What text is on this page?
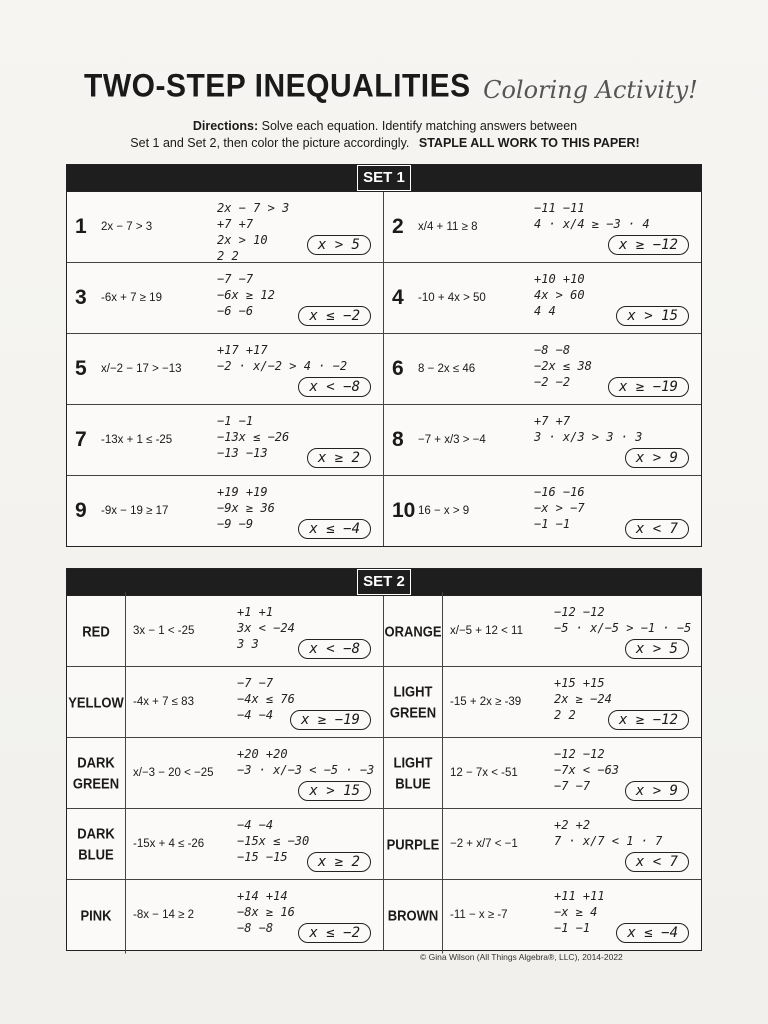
TWO-STEP INEQUALITIES Coloring Activity!
Directions: Solve each equation. Identify matching answers between
Set 1 and Set 2, then color the picture accordingly. STAPLE ALL WORK TO THIS PAPER!
SET 1
1 2x − 7 > 3
2x − 7 > 3
+7 +7
2x > 10
2 2
x > 5
2 x/4 + 11 ≥ 8
−11 −11
4 · x/4 ≥ −3 · 4
x ≥ −12
3 -6x + 7 ≥ 19
−7 −7
−6x ≥ 12
−6 −6	x ≤ −2
4 -10 + 4x > 50
+10 +10
4x > 60
4 4	x > 15
5 x/−2 − 17 > −13
+17 +17
−2 · x/−2 > 4 · −2
x < −8
6 8 − 2x ≤ 46
−8 −8
−2x ≤ 38
−2 −2	x ≥ −19
7 -13x + 1 ≤ -25
−1 −1
−13x ≤ −26
−13 −13	x ≥ 2
8 −7 + x/3 > −4
+7 +7
3 · x/3 > 3 · 3
x > 9
9 -9x − 19 ≥ 17
+19 +19
−9x ≥ 36
−9 −9	x ≤ −4
10 16 − x > 9
−16 −16
−x > −7
−1 −1	x < 7
SET 2
RED	3x − 1 < -25
+1 +1
3x < −24
3 3	x < −8
ORANGE x/−5 + 12 < 11
−12 −12
−5 · x/−5 > −1 · −5
x > 5
YELLOW -4x + 7 ≤ 83
−7 −7
−4x ≤ 76
−4 −4	x ≥ −19
LIGHT GREEN
-15 + 2x ≥ -39
+15 +15
2x ≥ −24
2 2	x ≥ −12
DARK GREEN
x/−3 − 20 < −25
+20 +20
−3 · x/−3 < −5 · −3
x > 15
LIGHT BLUE
12 − 7x < -51
−12 −12
−7x < −63
−7 −7	x > 9
DARK BLUE
-15x + 4 ≤ -26
−4 −4
−15x ≤ −30
−15 −15	x ≥ 2
PURPLE −2 + x/7 < −1
+2 +2
7 · x/7 < 1 · 7
x < 7
PINK	-8x − 14 ≥ 2
+14 +14
−8x ≥ 16
−8 −8	x ≤ −2
BROWN	-11 − x ≥ -7
+11 +11
−x ≥ 4
−1 −1	x ≤ −4
© Gina Wilson (All Things Algebra®, LLC), 2014-2022
